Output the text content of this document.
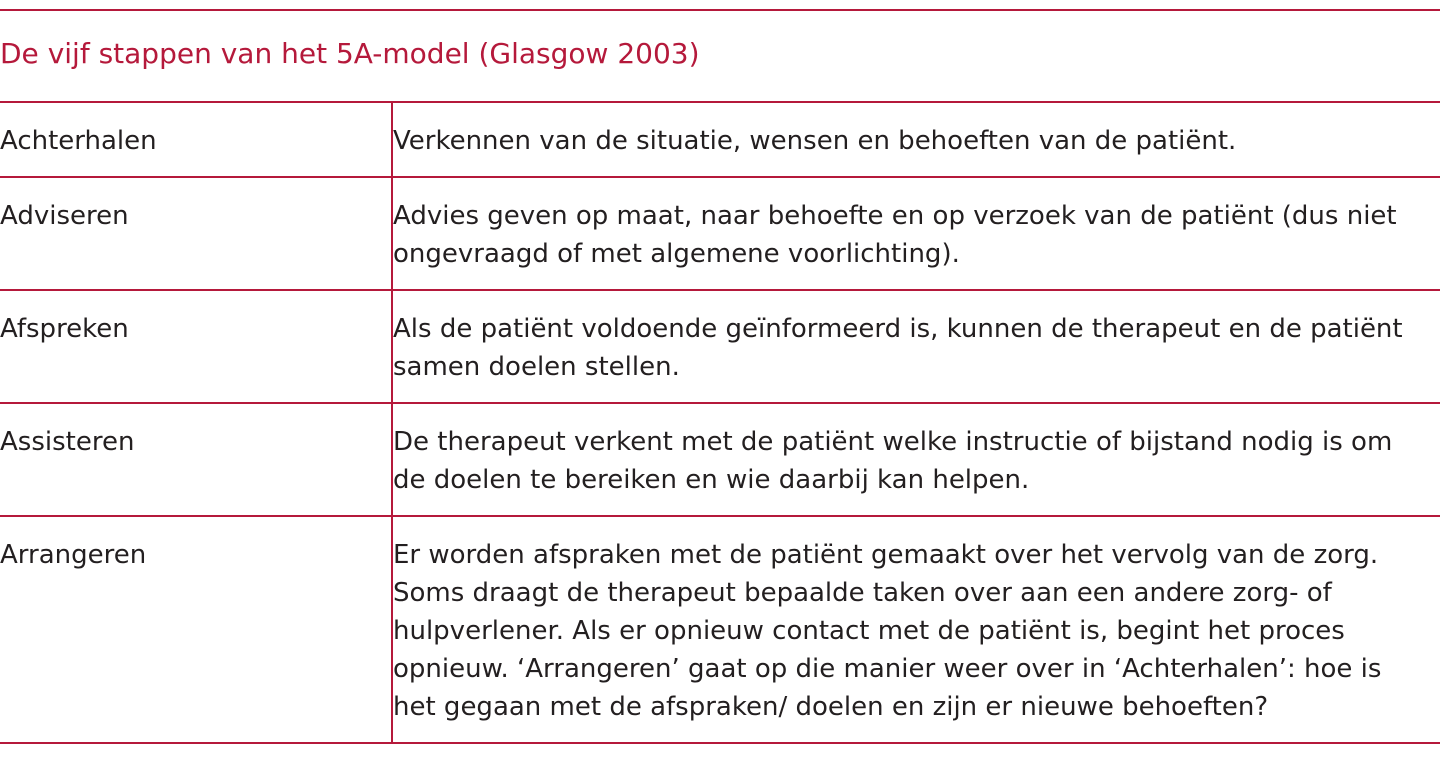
De vijf stappen van het 5A-model (Glasgow 2003)
Achterhalen	Verkennen van de situatie, wensen en behoeften van de patiënt.

Adviseren	Advies geven op maat, naar behoefte en op verzoek van de patiënt (dus niet
ongevraagd of met algemene voorlichting).

Afspreken	Als de patiënt voldoende geïnformeerd is, kunnen de therapeut en de patiënt
samen doelen stellen.

Assisteren	De therapeut verkent met de patiënt welke instructie of bijstand nodig is om
de doelen te bereiken en wie daarbij kan helpen.

Arrangeren	Er worden afspraken met de patiënt gemaakt over het vervolg van de zorg.
Soms draagt de therapeut bepaalde taken over aan een andere zorg- of
hulpverlener. Als er opnieuw contact met de patiënt is, begint het proces
opnieuw. ‘Arrangeren’ gaat op die manier weer over in ‘Achterhalen’: hoe is
het gegaan met de afspraken/ doelen en zijn er nieuwe behoeften?
